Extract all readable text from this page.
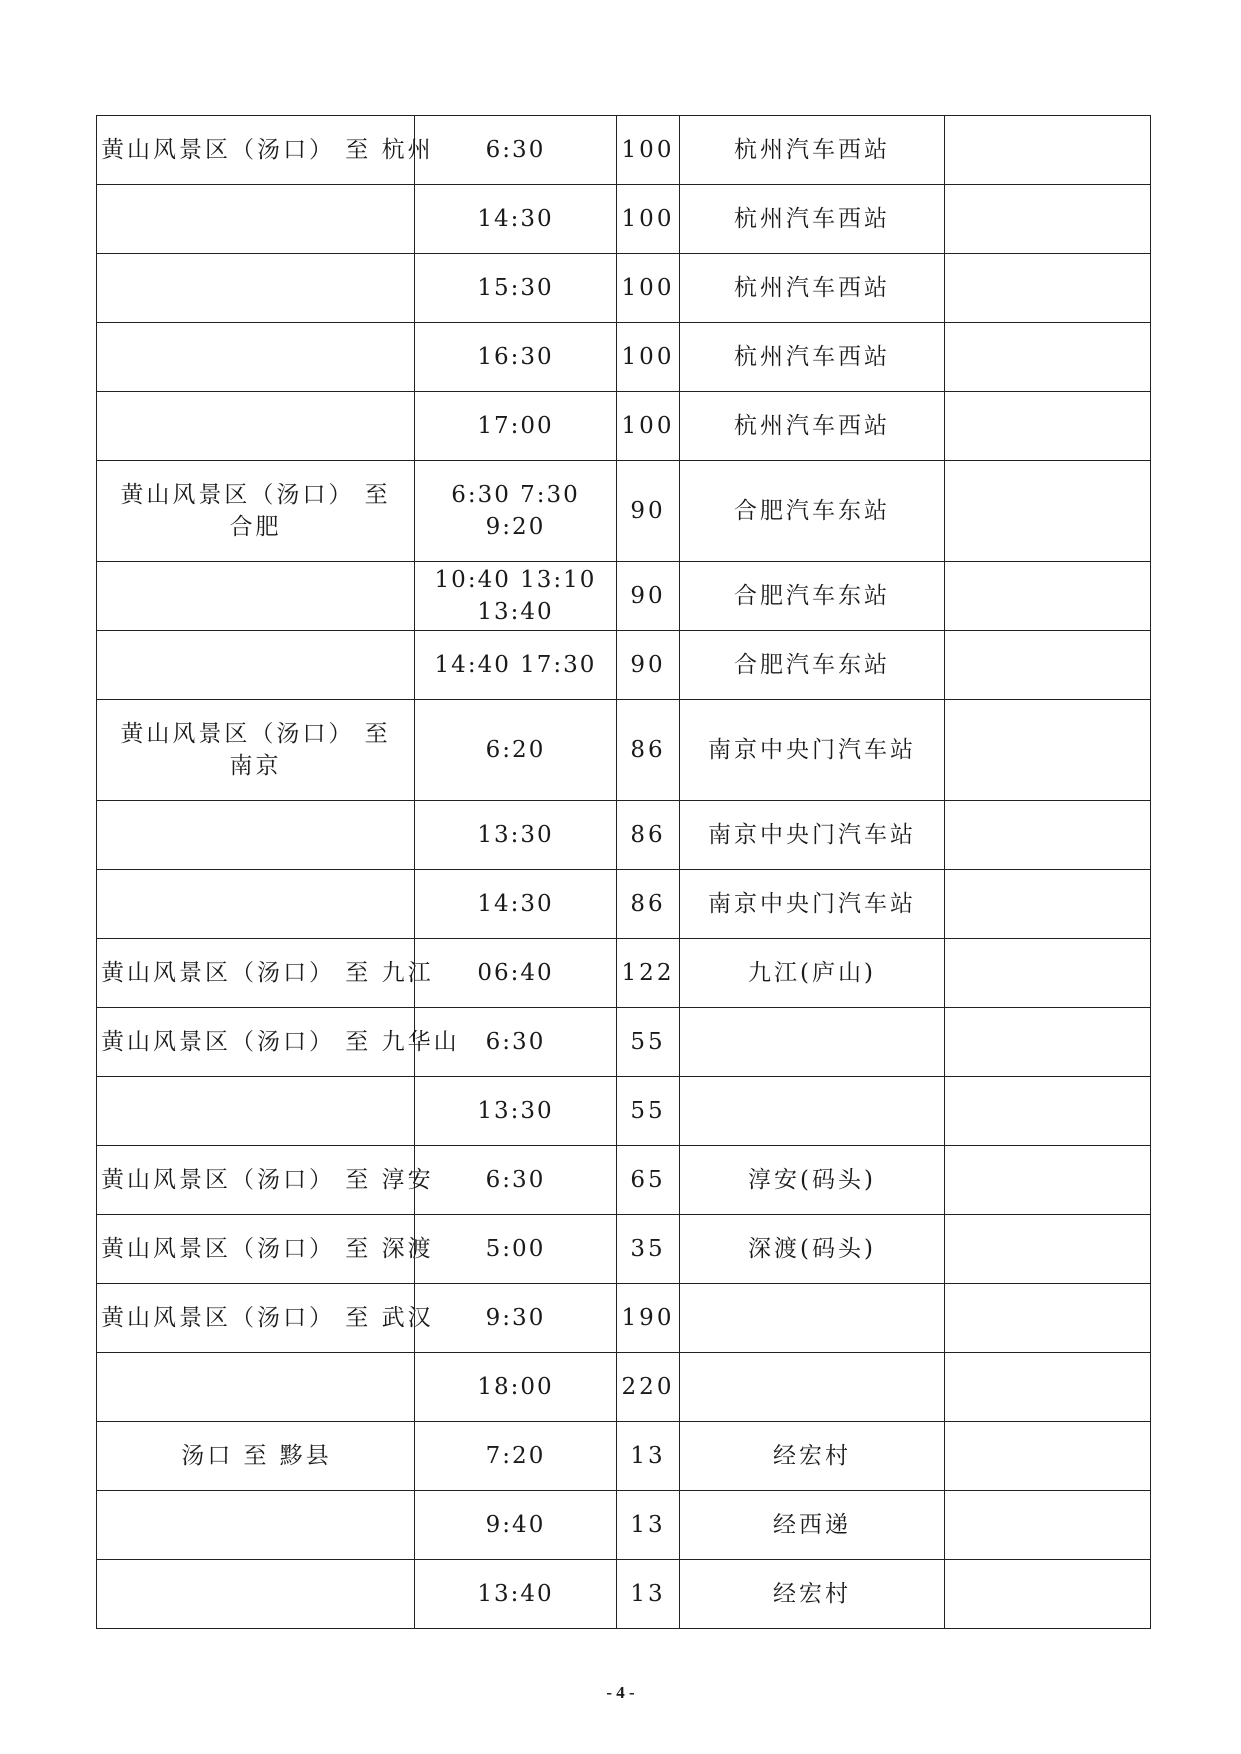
黄山风景区（汤口） 至 杭州	6:30	100	杭州汽车西站	
	14:30	100	杭州汽车西站	
	15:30	100	杭州汽车西站	
	16:30	100	杭州汽车西站	
	17:00	100	杭州汽车西站	
黄山风景区（汤口） 至 合肥	6:30 7:30 9:20	90	合肥汽车东站	
	10:40 13:10 13:40	90	合肥汽车东站	
	14:40 17:30	90	合肥汽车东站	
黄山风景区（汤口） 至 南京	6:20	86	南京中央门汽车站	
	13:30	86	南京中央门汽车站	
	14:30	86	南京中央门汽车站	
黄山风景区（汤口） 至 九江	06:40	122	九江(庐山)	
黄山风景区（汤口） 至 九华山	6:30	55		
	13:30	55		
黄山风景区（汤口） 至 淳安	6:30	65	淳安(码头)	
黄山风景区（汤口） 至 深渡	5:00	35	深渡(码头)	
黄山风景区（汤口） 至 武汉	9:30	190		
	18:00	220		
汤口 至 黟县	7:20	13	经宏村	
	9:40	13	经西递	
	13:40	13	经宏村	
- 4 -
